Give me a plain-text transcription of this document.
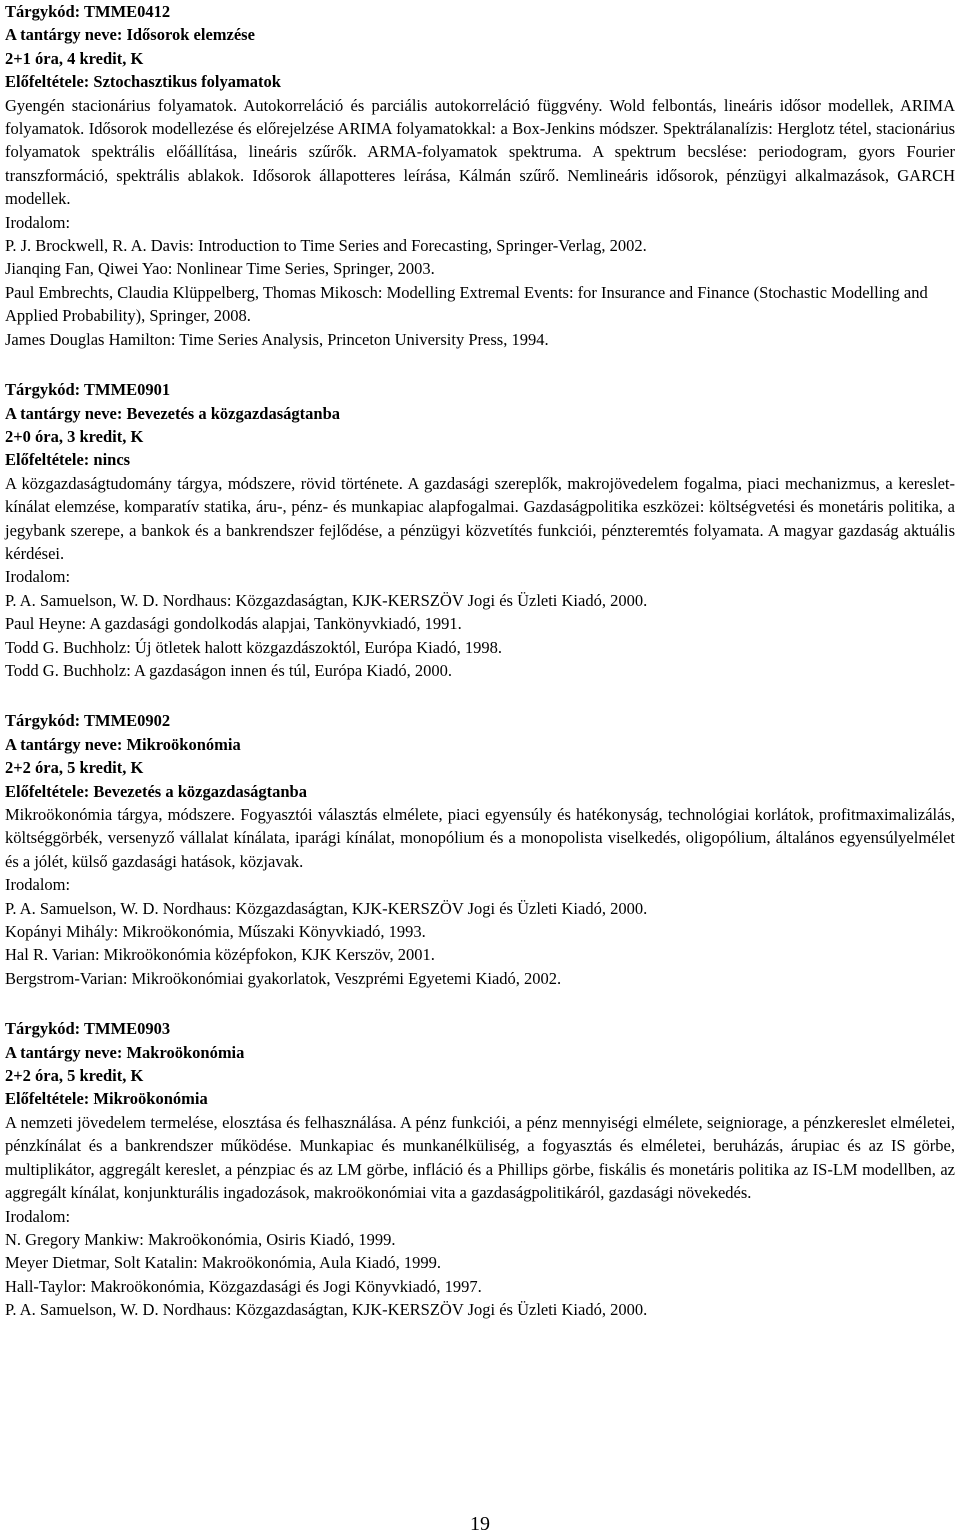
Tárgykód: TMME0412

A tantárgy neve: Idősorok elemzése

2+1 óra, 4 kredit, K

Előfeltétele: Sztochasztikus folyamatok

Gyengén stacionárius folyamatok. Autokorreláció és parciális autokorreláció függvény. Wold felbontás, lineáris idősor modellek, ARIMA folyamatok. Idősorok modellezése és előrejelzése ARIMA folyamatokkal: a Box-Jenkins módszer. Spektrálanalízis: Herglotz tétel, stacionárius folyamatok spektrális előállítása, lineáris szűrők. ARMA-folyamatok spektruma. A spektrum becslése: periodogram, gyors Fourier transzformáció, spektrális ablakok. Idősorok állapotteres leírása, Kálmán szűrő. Nemlineáris idősorok, pénzügyi alkalmazások, GARCH modellek.

Irodalom:

P. J. Brockwell, R. A. Davis: Introduction to Time Series and Forecasting, Springer-Verlag, 2002.

Jianqing Fan, Qiwei Yao: Nonlinear Time Series, Springer, 2003.

Paul Embrechts, Claudia Klüppelberg, Thomas Mikosch: Modelling Extremal Events: for Insurance and Finance (Stochastic Modelling and Applied Probability), Springer, 2008.

James Douglas Hamilton: Time Series Analysis, Princeton University Press, 1994.

Tárgykód: TMME0901

A tantárgy neve: Bevezetés a közgazdaságtanba

2+0 óra, 3 kredit, K

Előfeltétele: nincs

A közgazdaságtudomány tárgya, módszere, rövid története. A gazdasági szereplők, makrojövedelem fogalma, piaci mechanizmus, a kereslet-kínálat elemzése, komparatív statika, áru-, pénz- és munkapiac alapfogalmai. Gazdaságpolitika eszközei: költségvetési és monetáris politika, a jegybank szerepe, a bankok és a bankrendszer fejlődése, a pénzügyi közvetítés funkciói, pénzteremtés folyamata. A magyar gazdaság aktuális kérdései.

Irodalom:

P. A. Samuelson, W. D. Nordhaus: Közgazdaságtan, KJK-KERSZÖV Jogi és Üzleti Kiadó, 2000.

Paul Heyne: A gazdasági gondolkodás alapjai, Tankönyvkiadó, 1991.

Todd G. Buchholz: Új ötletek halott közgazdászoktól, Európa Kiadó, 1998.

Todd G. Buchholz: A gazdaságon innen és túl, Európa Kiadó, 2000.

Tárgykód: TMME0902

A tantárgy neve: Mikroökonómia

2+2 óra, 5 kredit, K

Előfeltétele: Bevezetés a közgazdaságtanba

Mikroökonómia tárgya, módszere. Fogyasztói választás elmélete, piaci egyensúly és hatékonyság, technológiai korlátok, profitmaximalizálás, költséggörbék, versenyző vállalat kínálata, iparági kínálat, monopólium és a monopolista viselkedés, oligopólium, általános egyensúlyelmélet és a jólét, külső gazdasági hatások, közjavak.

Irodalom:

P. A. Samuelson, W. D. Nordhaus: Közgazdaságtan, KJK-KERSZÖV Jogi és Üzleti Kiadó, 2000.

Kopányi Mihály: Mikroökonómia, Műszaki Könyvkiadó, 1993.

Hal R. Varian: Mikroökonómia középfokon, KJK Kerszöv, 2001.

Bergstrom-Varian: Mikroökonómiai gyakorlatok, Veszprémi Egyetemi Kiadó, 2002.

Tárgykód: TMME0903

A tantárgy neve: Makroökonómia

2+2 óra, 5 kredit, K

Előfeltétele: Mikroökonómia

A nemzeti jövedelem termelése, elosztása és felhasználása. A pénz funkciói, a pénz mennyiségi elmélete, seigniorage, a pénzkereslet elméletei, pénzkínálat és a bankrendszer működése. Munkapiac és munkanélküliség, a fogyasztás és elméletei, beruházás, árupiac és az IS görbe, multiplikátor, aggregált kereslet, a pénzpiac és az LM görbe, infláció és a Phillips görbe, fiskális és monetáris politika az IS-LM modellben, az aggregált kínálat, konjunkturális ingadozások, makroökonómiai vita a gazdaságpolitikáról, gazdasági növekedés.

Irodalom:

N. Gregory Mankiw: Makroökonómia, Osiris Kiadó, 1999.

Meyer Dietmar, Solt Katalin: Makroökonómia, Aula Kiadó, 1999.

Hall-Taylor: Makroökonómia, Közgazdasági és Jogi Könyvkiadó, 1997.

P. A. Samuelson, W. D. Nordhaus: Közgazdaságtan, KJK-KERSZÖV Jogi és Üzleti Kiadó, 2000.

19
